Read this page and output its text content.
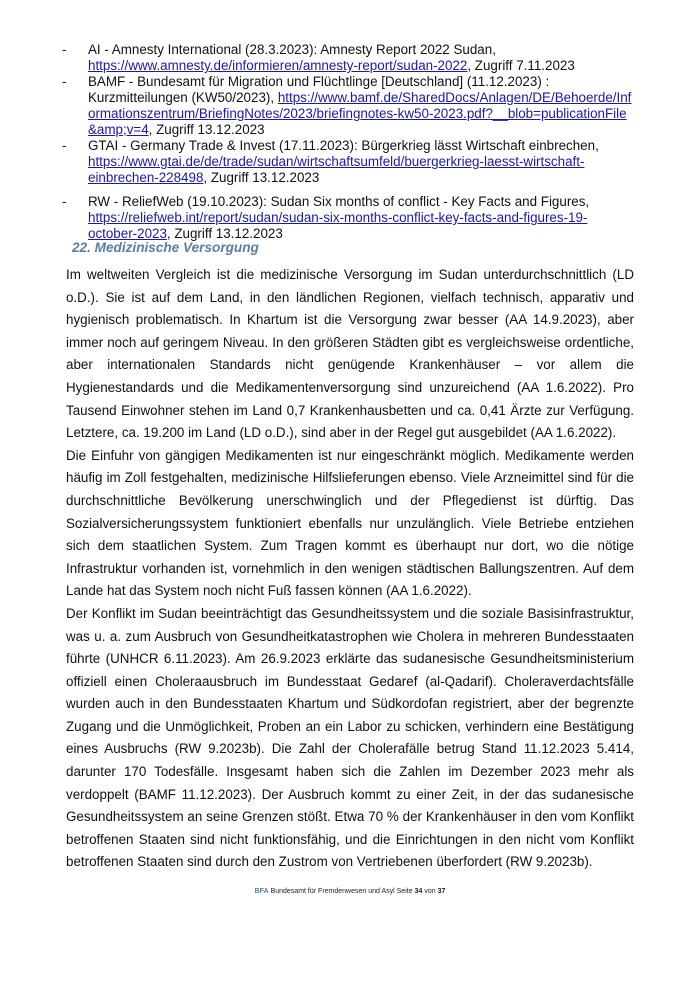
- AI - Amnesty International (28.3.2023): Amnesty Report 2022 Sudan,
https://www.amnesty.de/informieren/amnesty-report/sudan-2022, Zugriff 7.11.2023
- BAMF - Bundesamt für Migration und Flüchtlinge [Deutschland] (11.12.2023) : Kurzmitteilungen (KW50/2023), https://www.bamf.de/SharedDocs/Anlagen/DE/Behoerde/Informationszentrum/BriefingNotes/2023/briefingnotes-kw50-2023.pdf?__blob=publicationFile&amp;v=4, Zugriff 13.12.2023
- GTAI - Germany Trade & Invest (17.11.2023): Bürgerkrieg lässt Wirtschaft einbrechen,
https://www.gtai.de/de/trade/sudan/wirtschaftsumfeld/buergerkrieg-laesst-wirtschaft-einbrechen-228498, Zugriff 13.12.2023
- RW - ReliefWeb (19.10.2023): Sudan Six months of conflict - Key Facts and Figures,
https://reliefweb.int/report/sudan/sudan-six-months-conflict-key-facts-and-figures-19-october-2023, Zugriff 13.12.2023
22. Medizinische Versorgung

Im weltweiten Vergleich ist die medizinische Versorgung im Sudan unterdurchschnittlich (LD o.D.). Sie ist auf dem Land, in den ländlichen Regionen, vielfach technisch, apparativ und hygienisch problematisch. In Khartum ist die Versorgung zwar besser (AA 14.9.2023), aber immer noch auf geringem Niveau. In den größeren Städten gibt es vergleichsweise ordentliche, aber internationalen Standards nicht genügende Krankenhäuser – vor allem die Hygienestandards und die Medikamentenversorgung sind unzureichend (AA 1.6.2022). Pro Tausend Einwohner stehen im Land 0,7 Krankenhausbetten und ca. 0,41 Ärzte zur Verfügung. Letztere, ca. 19.200 im Land (LD o.D.), sind aber in der Regel gut ausgebildet (AA 1.6.2022).

Die Einfuhr von gängigen Medikamenten ist nur eingeschränkt möglich. Medikamente werden häufig im Zoll festgehalten, medizinische Hilfslieferungen ebenso. Viele Arzneimittel sind für die durchschnittliche Bevölkerung unerschwinglich und der Pflegedienst ist dürftig. Das Sozialversicherungssystem funktioniert ebenfalls nur unzulänglich. Viele Betriebe entziehen sich dem staatlichen System. Zum Tragen kommt es überhaupt nur dort, wo die nötige Infrastruktur vorhanden ist, vornehmlich in den wenigen städtischen Ballungszentren. Auf dem Lande hat das System noch nicht Fuß fassen können (AA 1.6.2022).

Der Konflikt im Sudan beeinträchtigt das Gesundheitssystem und die soziale Basisinfrastruktur, was u. a. zum Ausbruch von Gesundheitkatastrophen wie Cholera in mehreren Bundesstaaten führte (UNHCR 6.11.2023). Am 26.9.2023 erklärte das sudanesische Gesundheitsministerium offiziell einen Choleraausbruch im Bundesstaat Gedaref (al-Qadarif). Choleraverdachtsfälle wurden auch in den Bundesstaaten Khartum und Südkordofan registriert, aber der begrenzte Zugang und die Unmöglichkeit, Proben an ein Labor zu schicken, verhindern eine Bestätigung eines Ausbruchs (RW 9.2023b). Die Zahl der Cholerafälle betrug Stand 11.12.2023 5.414, darunter 170 Todesfälle. Insgesamt haben sich die Zahlen im Dezember 2023 mehr als verdoppelt (BAMF 11.12.2023). Der Ausbruch kommt zu einer Zeit, in der das sudanesische Gesundheitssystem an seine Grenzen stößt. Etwa 70 % der Krankenhäuser in den vom Konflikt betroffenen Staaten sind nicht funktionsfähig, und die Einrichtungen in den nicht vom Konflikt betroffenen Staaten sind durch den Zustrom von Vertriebenen überfordert (RW 9.2023b).

BFA Bundesamt für Fremdenwesen und Asyl Seite 34 von 37
